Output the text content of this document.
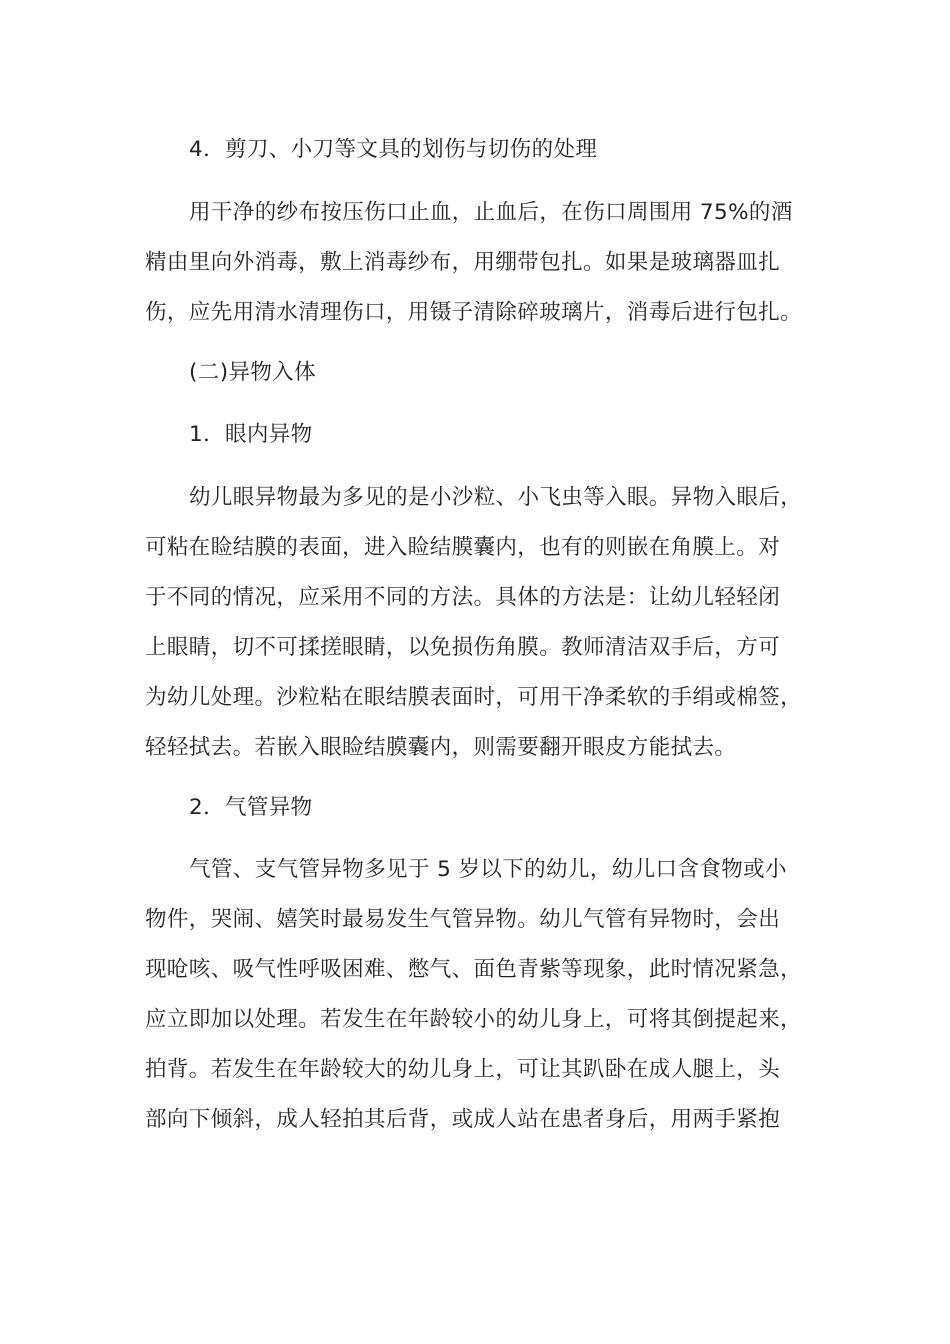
4．剪刀、小刀等文具的划伤与切伤的处理
用干净的纱布按压伤口止血，止血后，在伤口周围用 75%的酒
精由里向外消毒，敷上消毒纱布，用绷带包扎。如果是玻璃器皿扎
伤，应先用清水清理伤口，用镊子清除碎玻璃片，消毒后进行包扎。
(二)异物入体
1．眼内异物
幼儿眼异物最为多见的是小沙粒、小飞虫等入眼。异物入眼后，
可粘在睑结膜的表面，进入睑结膜囊内，也有的则嵌在角膜上。对
于不同的情况，应采用不同的方法。具体的方法是：让幼儿轻轻闭
上眼睛，切不可揉搓眼睛，以免损伤角膜。教师清洁双手后，方可
为幼儿处理。沙粒粘在眼结膜表面时，可用干净柔软的手绢或棉签，
轻轻拭去。若嵌入眼睑结膜囊内，则需要翻开眼皮方能拭去。
2．气管异物
气管、支气管异物多见于 5 岁以下的幼儿，幼儿口含食物或小
物件，哭闹、嬉笑时最易发生气管异物。幼儿气管有异物时，会出
现呛咳、吸气性呼吸困难、憋气、面色青紫等现象，此时情况紧急，
应立即加以处理。若发生在年龄较小的幼儿身上，可将其倒提起来，
拍背。若发生在年龄较大的幼儿身上，可让其趴卧在成人腿上，头
部向下倾斜，成人轻拍其后背，或成人站在患者身后，用两手紧抱
